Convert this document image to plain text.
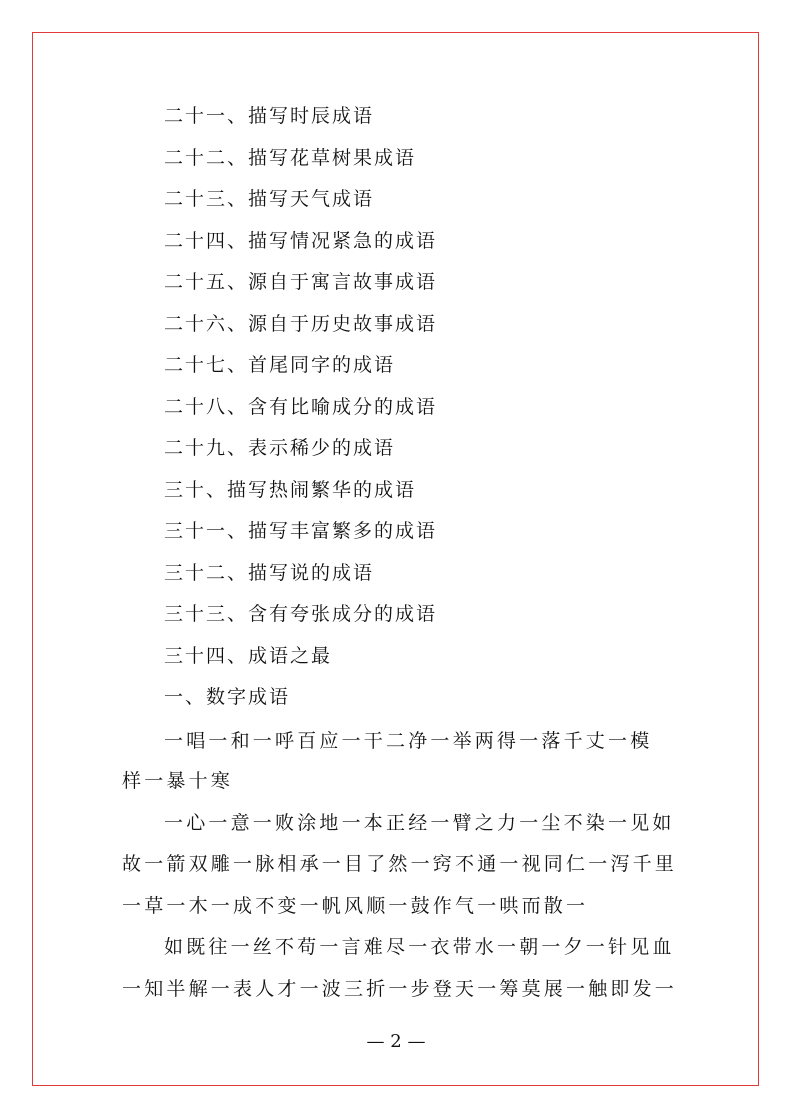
二十一、描写时辰成语
二十二、描写花草树果成语
二十三、描写天气成语
二十四、描写情况紧急的成语
二十五、源自于寓言故事成语
二十六、源自于历史故事成语
二十七、首尾同字的成语
二十八、含有比喻成分的成语
二十九、表示稀少的成语
三十、描写热闹繁华的成语
三十一、描写丰富繁多的成语
三十二、描写说的成语
三十三、含有夸张成分的成语
三十四、成语之最
一、数字成语
一唱一和一呼百应一干二净一举两得一落千丈一模
样一暴十寒
一心一意一败涂地一本正经一臂之力一尘不染一见如
故一箭双雕一脉相承一目了然一窍不通一视同仁一泻千里
一草一木一成不变一帆风顺一鼓作气一哄而散一
如既往一丝不苟一言难尽一衣带水一朝一夕一针见血
一知半解一表人才一波三折一步登天一筹莫展一触即发一
— 2 —
